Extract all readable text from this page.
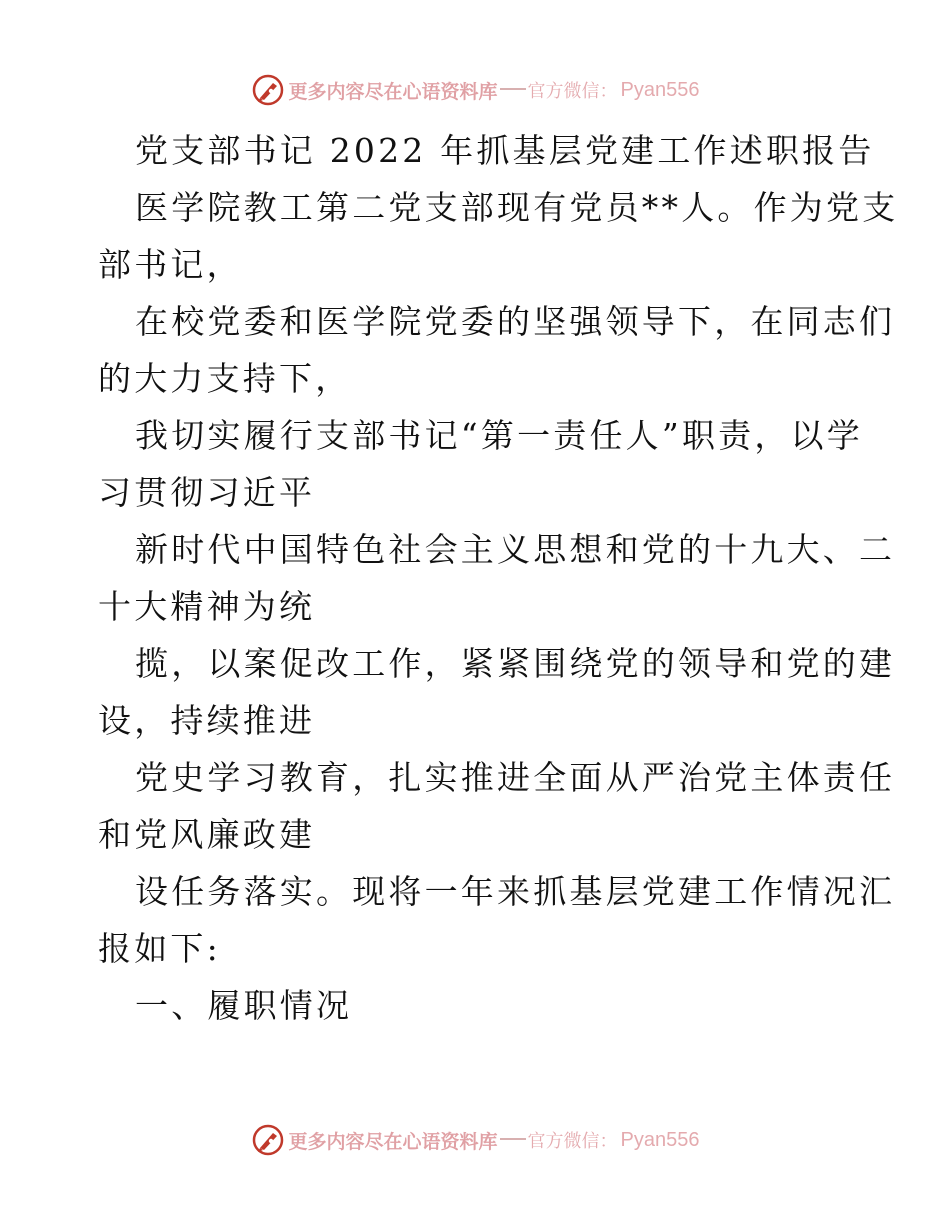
更多内容尽在心语资料库 官方微信： Pyan556
党支部书记 2022 年抓基层党建工作述职报告
医学院教工第二党支部现有党员**人。作为党支
部书记，
在校党委和医学院党委的坚强领导下，在同志们
的大力支持下，
我切实履行支部书记“第一责任人”职责，以学
习贯彻习近平
新时代中国特色社会主义思想和党的十九大、二
十大精神为统
揽，以案促改工作，紧紧围绕党的领导和党的建
设，持续推进
党史学习教育，扎实推进全面从严治党主体责任
和党风廉政建
设任务落实。现将一年来抓基层党建工作情况汇
报如下:
一、履职情况
更多内容尽在心语资料库 官方微信： Pyan556
